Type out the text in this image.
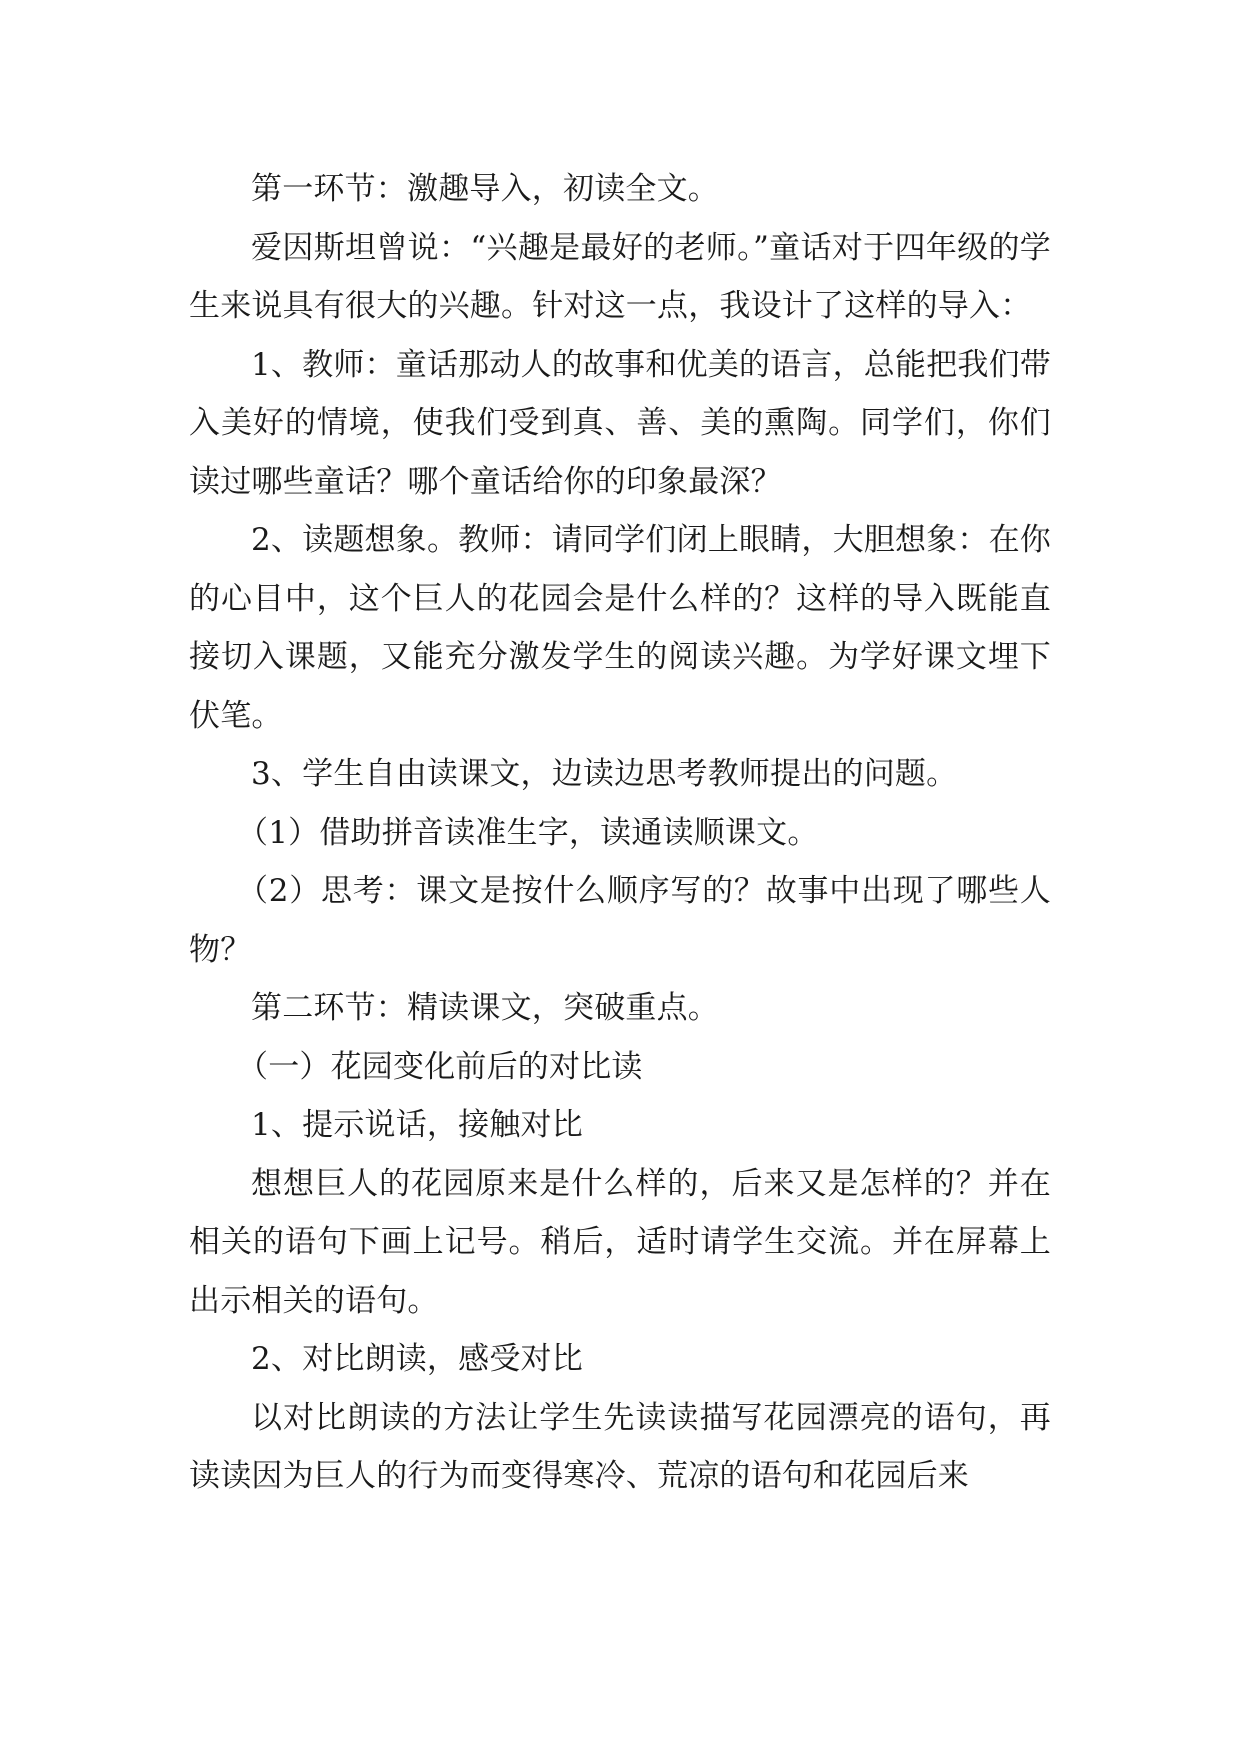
第一环节：激趣导入，初读全文。

爱因斯坦曾说：“兴趣是最好的老师。”童话对于四年级的学生来说具有很大的兴趣。针对这一点，我设计了这样的导入：

1、教师：童话那动人的故事和优美的语言，总能把我们带入美好的情境，使我们受到真、善、美的熏陶。同学们，你们读过哪些童话？哪个童话给你的印象最深？

2、读题想象。教师：请同学们闭上眼睛，大胆想象：在你的心目中，这个巨人的花园会是什么样的？这样的导入既能直接切入课题，又能充分激发学生的阅读兴趣。为学好课文埋下伏笔。

3、学生自由读课文，边读边思考教师提出的问题。

（1）借助拼音读准生字，读通读顺课文。

（2）思考：课文是按什么顺序写的？故事中出现了哪些人物？

第二环节：精读课文，突破重点。

（一）花园变化前后的对比读

1、提示说话，接触对比

想想巨人的花园原来是什么样的，后来又是怎样的？并在相关的语句下画上记号。稍后，适时请学生交流。并在屏幕上出示相关的语句。

2、对比朗读，感受对比

以对比朗读的方法让学生先读读描写花园漂亮的语句，再读读因为巨人的行为而变得寒冷、荒凉的语句和花园后来
